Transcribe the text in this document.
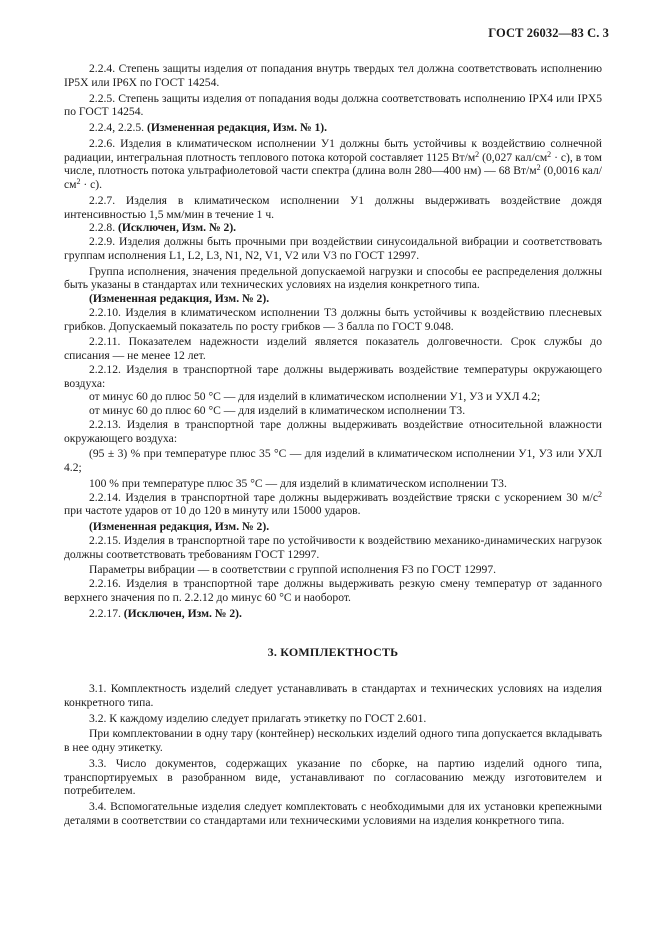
ГОСТ 26032—83 С. 3

2.2.4. Степень защиты изделия от попадания внутрь твердых тел должна соответствовать исполнению IP5X или IP6X по ГОСТ 14254.

2.2.5. Степень защиты изделия от попадания воды должна соответствовать исполнению IPX4 или IPX5 по ГОСТ 14254.

2.2.4, 2.2.5. (Измененная редакция, Изм. № 1).

2.2.6. Изделия в климатическом исполнении У1 должны быть устойчивы к воздействию солнечной радиации, интегральная плотность теплового потока которой составляет 1125 $Вт/м^2$ (0,027 кал/$см^2 \cdot с$), в том числе, плотность потока ультрафиолетовой части спектра (длина волн 280—400 нм) — 68 $Вт/м^2$ (0,0016 кал/$см^2 \cdot с$).

2.2.7. Изделия в климатическом исполнении У1 должны выдерживать воздействие дождя интенсивностью 1,5 мм/мин в течение 1 ч.

2.2.8. (Исключен, Изм. № 2).

2.2.9. Изделия должны быть прочными при воздействии синусоидальной вибрации и соответствовать группам исполнения L1, L2, L3, N1, N2, V1, V2 или V3 по ГОСТ 12997.

Группа исполнения, значения предельной допускаемой нагрузки и способы ее распределения должны быть указаны в стандартах или технических условиях на изделия конкретного типа.

(Измененная редакция, Изм. № 2).

2.2.10. Изделия в климатическом исполнении Т3 должны быть устойчивы к воздействию плесневых грибков. Допускаемый показатель по росту грибков — 3 балла по ГОСТ 9.048.

2.2.11. Показателем надежности изделий является показатель долговечности. Срок службы до списания — не менее 12 лет.

2.2.12. Изделия в транспортной таре должны выдерживать воздействие температуры окружающего воздуха:

от минус 60 до плюс 50 °С — для изделий в климатическом исполнении У1, У3 и УХЛ 4.2;

от минус 60 до плюс 60 °С — для изделий в климатическом исполнении Т3.

2.2.13. Изделия в транспортной таре должны выдерживать воздействие относительной влажности окружающего воздуха:

(95 ± 3) % при температуре плюс 35 °С — для изделий в климатическом исполнении У1, У3 или УХЛ 4.2;

100 % при температуре плюс 35 °С — для изделий в климатическом исполнении Т3.

2.2.14. Изделия в транспортной таре должны выдерживать воздействие тряски с ускорением 30 $м/с^2$ при частоте ударов от 10 до 120 в минуту или 15000 ударов.

(Измененная редакция, Изм. № 2).

2.2.15. Изделия в транспортной таре по устойчивости к воздействию механико-динамических нагрузок должны соответствовать требованиям ГОСТ 12997.

Параметры вибрации — в соответствии с группой исполнения F3 по ГОСТ 12997.

2.2.16. Изделия в транспортной таре должны выдерживать резкую смену температур от заданного верхнего значения по п. 2.2.12 до минус 60 °С и наоборот.

2.2.17. (Исключен, Изм. № 2).

3. КОМПЛЕКТНОСТЬ

3.1. Комплектность изделий следует устанавливать в стандартах и технических условиях на изделия конкретного типа.

3.2. К каждому изделию следует прилагать этикетку по ГОСТ 2.601.

При комплектовании в одну тару (контейнер) нескольких изделий одного типа допускается вкладывать в нее одну этикетку.

3.3. Число документов, содержащих указание по сборке, на партию изделий одного типа, транспортируемых в разобранном виде, устанавливают по согласованию между изготовителем и потребителем.

3.4. Вспомогательные изделия следует комплектовать с необходимыми для их установки крепежными деталями в соответствии со стандартами или техническими условиями на изделия конкретного типа.
